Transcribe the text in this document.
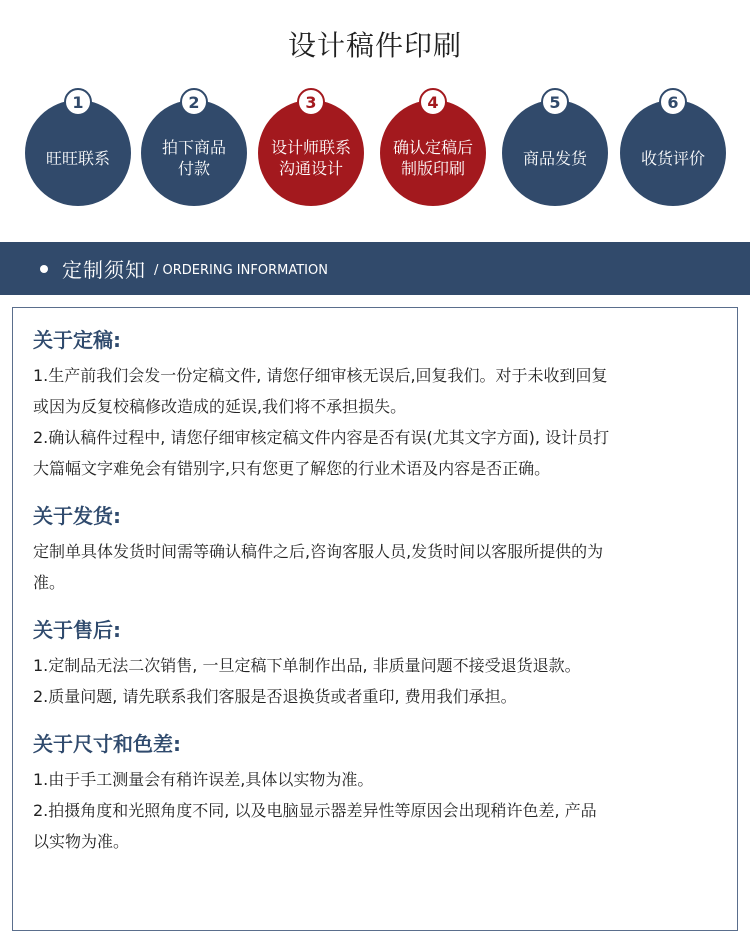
设计稿件印刷
1
旺旺联系
2
拍下商品
付款
3
设计师联系
沟通设计
4
确认定稿后
制版印刷
5
商品发货
6
收货评价
定制须知 / ORDERING INFORMATION
关于定稿:
1.生产前我们会发一份定稿文件, 请您仔细审核无误后,回复我们。对于未收到回复
或因为反复校稿修改造成的延误,我们将不承担损失。
2.确认稿件过程中, 请您仔细审核定稿文件内容是否有误(尤其文字方面), 设计员打
大篇幅文字难免会有错别字,只有您更了解您的行业术语及内容是否正确。
关于发货:
定制单具体发货时间需等确认稿件之后,咨询客服人员,发货时间以客服所提供的为
准。
关于售后:
1.定制品无法二次销售, 一旦定稿下单制作出品, 非质量问题不接受退货退款。
2.质量问题, 请先联系我们客服是否退换货或者重印, 费用我们承担。
关于尺寸和色差:
1.由于手工测量会有稍许误差,具体以实物为准。
2.拍摄角度和光照角度不同, 以及电脑显示器差异性等原因会出现稍许色差, 产品
以实物为准。
